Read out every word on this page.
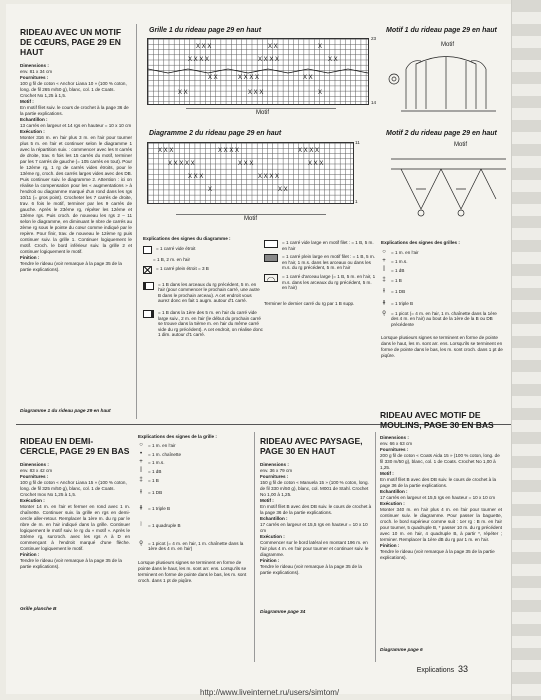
RIDEAU AVEC UN MOTIF DE CŒURS, PAGE 29 EN HAUT
Dimensions :
env. 81 x 34 cm
Fournitures :
100 g fil de coton « Anchor Liana 10 » (100 % coton, long. de fil 265 m/50 g), blanc, col. 1 de Coats. Crochet No 1,25 à 1,5.
Motif :
En motif filet suiv. le cours de crochet à la page 36 de la partie explications.
Echantillon :
13 carrés en largeur et 14 rgs en hauteur = 10 x 10 cm
Exécution :
Monter 316 m. en l'air plus 3 m. en l'air pour tourner plus 5 m. en l'air et continuer selon le diagramme 1 avec la répartition suiv. : commencer avec les 8 carrés de droite, trav. 6 fois les 15 carrés du motif, terminer par les 7 carrés de gauche (= 105 carrés en tout). Pour le 12ème rg, 1 rg de carrés vides étroits, pour le 13ème rg, croch. des carrés larges vides avec des DB. Puis continuer suiv. le diagramme 2. Attention : ici on réalise la compensation pour les « augmentations » à l'endroit ou diagramme marqué d'un rond dans les rgs 10/11 (= gros point). Crocheter les 7 carrés de droite, trav. 6 fois le motif, terminer par les 9 carrés de gauche. Après le 23ème rg, répéter les 12ème et 13ème rgs. Puis croch. de nouveau les rgs 2 – 11 selon le diagramme, en diminuant le nbre de carrés au 2ème rg sous le pointe du cœur comme indiqué par le repère. Pour finir, trav. de nouveau le 12ème rg puis continuer suiv. la grille 1. Continuer logiquement le motif. Croch. le bord inférieur suiv. la grille 2 et continuer logiquement le motif.
Finition :
Tendre le rideau (voir remarque à la page 35 de la partie explications).
Diagramme 1 du rideau page 29 en haut
Grille 1 du rideau page 29 en haut
X X X	X X	X
X X X X	X X X X	X X
X X	X X X X	X X
X X	X X X	X
23
14
Motif
Motif 1 du rideau page 29 en haut
Motif
Diagramme 2 du rideau page 29 en haut
X X X	X X X X	X X X X
X X X X X	X X X	X X X
X X X	X X X X
X	X X
11
1
Motif
Motif 2 du rideau page 29 en haut
Motif
Explications des signes du diagramme :
= 1 carré vide étroit
= 1 B, 2 m. en l'air
= 1 carré plein étroit = 3 B
= 1 B dans les arceaux du rg précédent, 5 m. en l'air (pour commencer le prochain carré, une autre B dans le prochain arceau). A cet endroit vous aurez donc en fait 1 augm. autour d'1 carré.
= 1 B dans la 1ère des 5 m. en l'air du carré vide large suiv., 2 m. en l'air (le début du prochain carré se trouve dans la 5ème m. en l'air du même carré vide du rg précédent). A cet endroit, on réalise donc 1 dim. autour d'1 carré.
= 1 carré vide large en motif filet : = 1 B, 5 m. en l'air
= 1 carré plein large en motif filet : = 1 B, 5 m. en l'air, 1 m.s. dans les arceaux ou dans les m.s. du rg précédent, 5 m. en l'air
= 1 carré d'arceau large (= 1 B, 5 m. en l'air, 1 m.s. dans les arceaux du rg précédent, 5 m. en l'air)
Terminer le dernier carré du rg par 1 B supp.
Explications des signes des grilles :
○ = 1 m. en l'air
+ = 1 m.s.
ꟾ	= 1 dB
‡ = 1 B
⫲	= 1 DB
⫵	= 1 triple B
ǫ = 1 picot (= 4 m. en l'air, 1 m. chaînette dans la 1ère des 4 m. en l'air) au bout de la 1ère de la B ou DB précédente
Lorsque plusieurs signes se terminent en forme de pointe dans le haut, les m. sont arr. ens. Lorsqu'ils se terminent en forme de pointe dans le bas, les m. sont croch. dans 1 pt de piqûre.
RIDEAU EN DEMI-CERCLE, PAGE 29 EN BAS
Dimensions :
env. 83 x 42 cm
Fournitures :
100 g fil de coton « Anchor Liana 15 » (100 % coton, long. de fil 325 m/50 g), blanc, col. 1 de Coats. Crochet Inox No 1,25 à 1,5.
Exécution :
Monter 14 m. en l'air et fermer en rond avec 1 m. chaînette. Continuer suiv. la grille en rgs en demi-cercle aller-retour. Remplacer la 1ère m. du rg par le nbre de m. en l'air indiqué dans la grille. Continuer logiquement le motif suiv. le rg du « motif ». Après le 34ème rg, surcroch. avec les rgs A à D en commençant à l'endroit marqué d'une flèche. Continuer logiquement le motif.
Finition :
Tendre le rideau (voir remarque à la page 35 de la partie explications).
Grille planche B
Explications des signes de la grille :
○ = 1 m. en l'air
•	= 1 m. chaînette
+ = 1 m.s.
ꟾ	= 1 dB
‡ = 1 B
⫲	= 1 DB
⫵	= 1 triple B
⦚	= 1 quadruple B
ǫ = 1 picot (= 4 m. en l'air, 1 m. chaînette dans la 1ère des 4 m. en l'air)
Lorsque plusieurs signes se terminent en forme de pointe dans le haut, les m. sont arr. ens. Lorsqu'ils se terminent en forme de pointe dans le bas, les m. sont croch. dans 1 pt de piqûre.
RIDEAU AVEC PAYSAGE, PAGE 30 EN HAUT
Dimensions :
env. 36 x 79 cm
Fournitures :
150 g fil de coton « Manuela 15 » (100 % coton, long. de fil 330 m/50 g), blanc, col. M001 de Stahl. Crochet No 1,00 à 1,25.
Motif :
En motif filet B avec des DB suiv. le cours de crochet à la page 36 de la partie explications.
Echantillon :
17 carrés en largeur et 15,5 rgs en hauteur = 10 x 10 cm
Exécution :
Commencer sur le bord latéral en montant 196 m. en l'air plus 4 m. en l'air pour tourner et continuer suiv. le diagramme.
Finition :
Tendre le rideau (voir remarque à la page 35 de la partie explications).
Diagramme page 34
RIDEAU AVEC MOTIF DE MOULINS, PAGE 30 EN BAS
Dimensions :
env. 66 x 63 cm
Fournitures :
200 g fil de coton « Coats Aida 15 » (100 % coton, long. de fil 330 m/50 g), blanc, col. 1 de Coats. Crochet No 1,00 à 1,25.
Motif :
En motif filet B avec des DB suiv. le cours de crochet à la page 36 de la partie explications.
Echantillon :
17 carrés en largeur et 15,5 rgs en hauteur = 10 x 10 cm
Exécution :
Monter 340 m. en l'air plus 4 m. en l'air pour tourner et continuer suiv. le diagramme. Pour passer la baguette, croch. le bord supérieur comme suit : 1er rg : B m. en l'air pour tourner, 5 quadruple B, * passer 10 m. du rg précédent avec 10 m. en l'air, 4 quadruple B, à partir *, répéter ; terminer. Remplacer la 1ère dB du rg par 1 m. en l'air.
Finition :
Tendre le rideau (voir remarque à la page 35 de la partie explications).
Diagramme page 6
Explications 33
http://www.liveinternet.ru/users/simtom/
